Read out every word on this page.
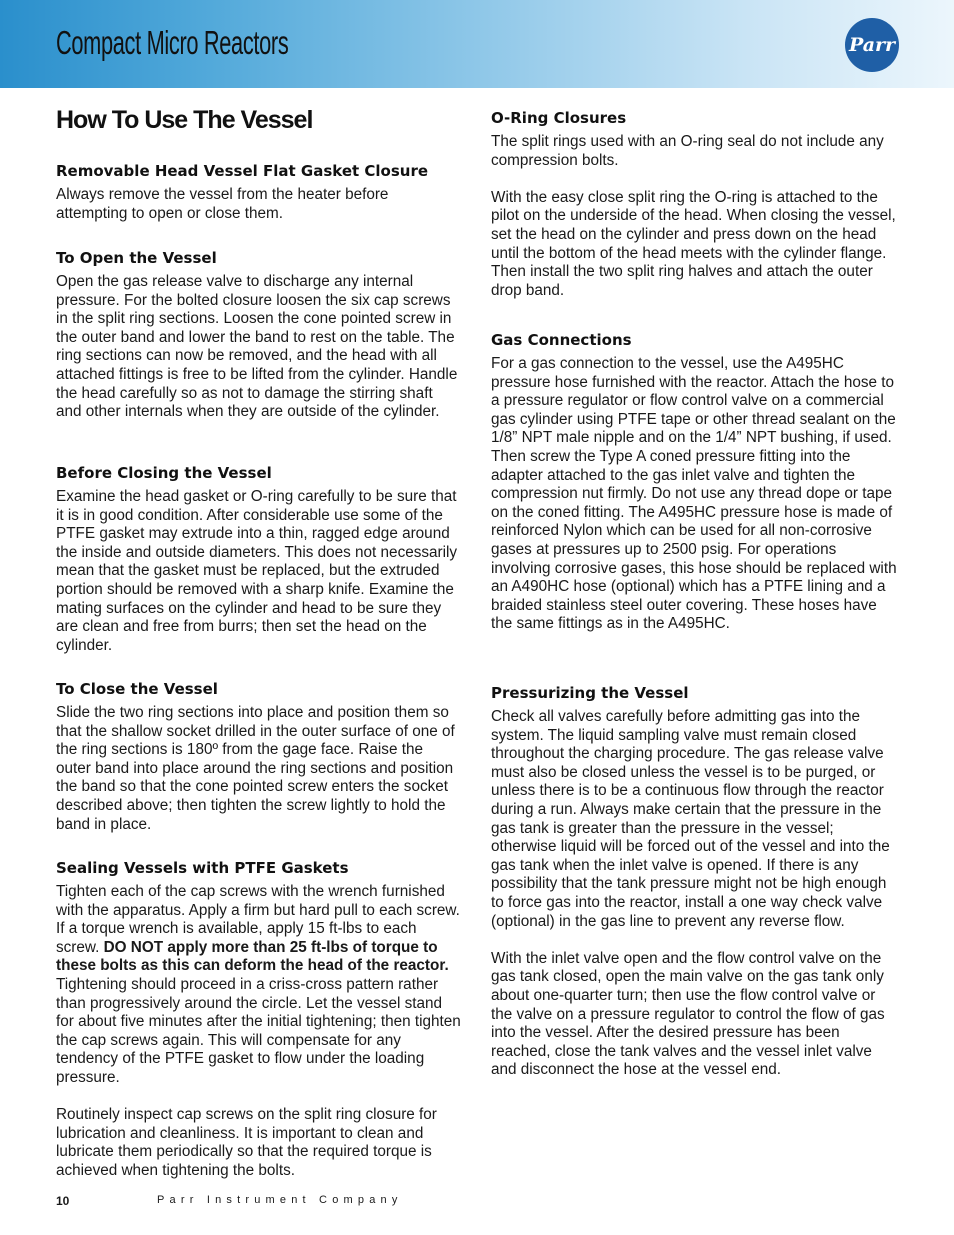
Compact Micro Reactors	Parr
How To Use The Vessel
Removable Head Vessel Flat Gasket Closure

Always remove the vessel from the heater before attempting to open or close them.

To Open the Vessel

Open the gas release valve to discharge any internal pressure. For the bolted closure loosen the six cap screws in the split ring sections. Loosen the cone pointed screw in the outer band and lower the band to rest on the table. The ring sections can now be removed, and the head with all attached fittings is free to be lifted from the cylinder. Handle the head carefully so as not to damage the stirring shaft and other internals when they are outside of the cylinder.

Before Closing the Vessel

Examine the head gasket or O-ring carefully to be sure that it is in good condition. After considerable use some of the PTFE gasket may extrude into a thin, ragged edge around the inside and outside diameters. This does not necessarily mean that the gasket must be replaced, but the extruded portion should be removed with a sharp knife. Examine the mating surfaces on the cylinder and head to be sure they are clean and free from burrs; then set the head on the cylinder.

To Close the Vessel

Slide the two ring sections into place and position them so that the shallow socket drilled in the outer surface of one of the ring sections is 180º from the gage face. Raise the outer band into place around the ring sections and position the band so that the cone pointed screw enters the socket described above; then tighten the screw lightly to hold the band in place.

Sealing Vessels with PTFE Gaskets

Tighten each of the cap screws with the wrench furnished with the apparatus. Apply a firm but hard pull to each screw. If a torque wrench is available, apply 15 ft-lbs to each screw. DO NOT apply more than 25 ft-lbs of torque to these bolts as this can deform the head of the reactor. Tightening should proceed in a criss-cross pattern rather than progressively around the circle. Let the vessel stand for about five minutes after the initial tightening; then tighten the cap screws again. This will compensate for any tendency of the PTFE gasket to flow under the loading pressure.

Routinely inspect cap screws on the split ring closure for lubrication and cleanliness. It is important to clean and lubricate them periodically so that the required torque is achieved when tightening the bolts.

O-Ring Closures

The split rings used with an O-ring seal do not include any compression bolts.

With the easy close split ring the O-ring is attached to the pilot on the underside of the head. When closing the vessel, set the head on the cylinder and press down on the head until the bottom of the head meets with the cylinder flange. Then install the two split ring halves and attach the outer drop band.

Gas Connections

For a gas connection to the vessel, use the A495HC pressure hose furnished with the reactor. Attach the hose to a pressure regulator or flow control valve on a commercial gas cylinder using PTFE tape or other thread sealant on the 1/8” NPT male nipple and on the 1/4” NPT bushing, if used. Then screw the Type A coned pressure fitting into the adapter attached to the gas inlet valve and tighten the compression nut firmly. Do not use any thread dope or tape on the coned fitting. The A495HC pressure hose is made of reinforced Nylon which can be used for all non-corrosive gases at pressures up to 2500 psig. For operations involving corrosive gases, this hose should be replaced with an A490HC hose (optional) which has a PTFE lining and a braided stainless steel outer covering. These hoses have the same fittings as in the A495HC.

Pressurizing the Vessel

Check all valves carefully before admitting gas into the system. The liquid sampling valve must remain closed throughout the charging procedure. The gas release valve must also be closed unless the vessel is to be purged, or unless there is to be a continuous flow through the reactor during a run. Always make certain that the pressure in the gas tank is greater than the pressure in the vessel; otherwise liquid will be forced out of the vessel and into the gas tank when the inlet valve is opened. If there is any possibility that the tank pressure might not be high enough to force gas into the reactor, install a one way check valve (optional) in the gas line to prevent any reverse flow.

With the inlet valve open and the flow control valve on the gas tank closed, open the main valve on the gas tank only about one-quarter turn; then use the flow control valve or the valve on a pressure regulator to control the flow of gas into the vessel. After the desired pressure has been reached, close the tank valves and the vessel inlet valve and disconnect the hose at the vessel end.

10	Parr Instrument Company
